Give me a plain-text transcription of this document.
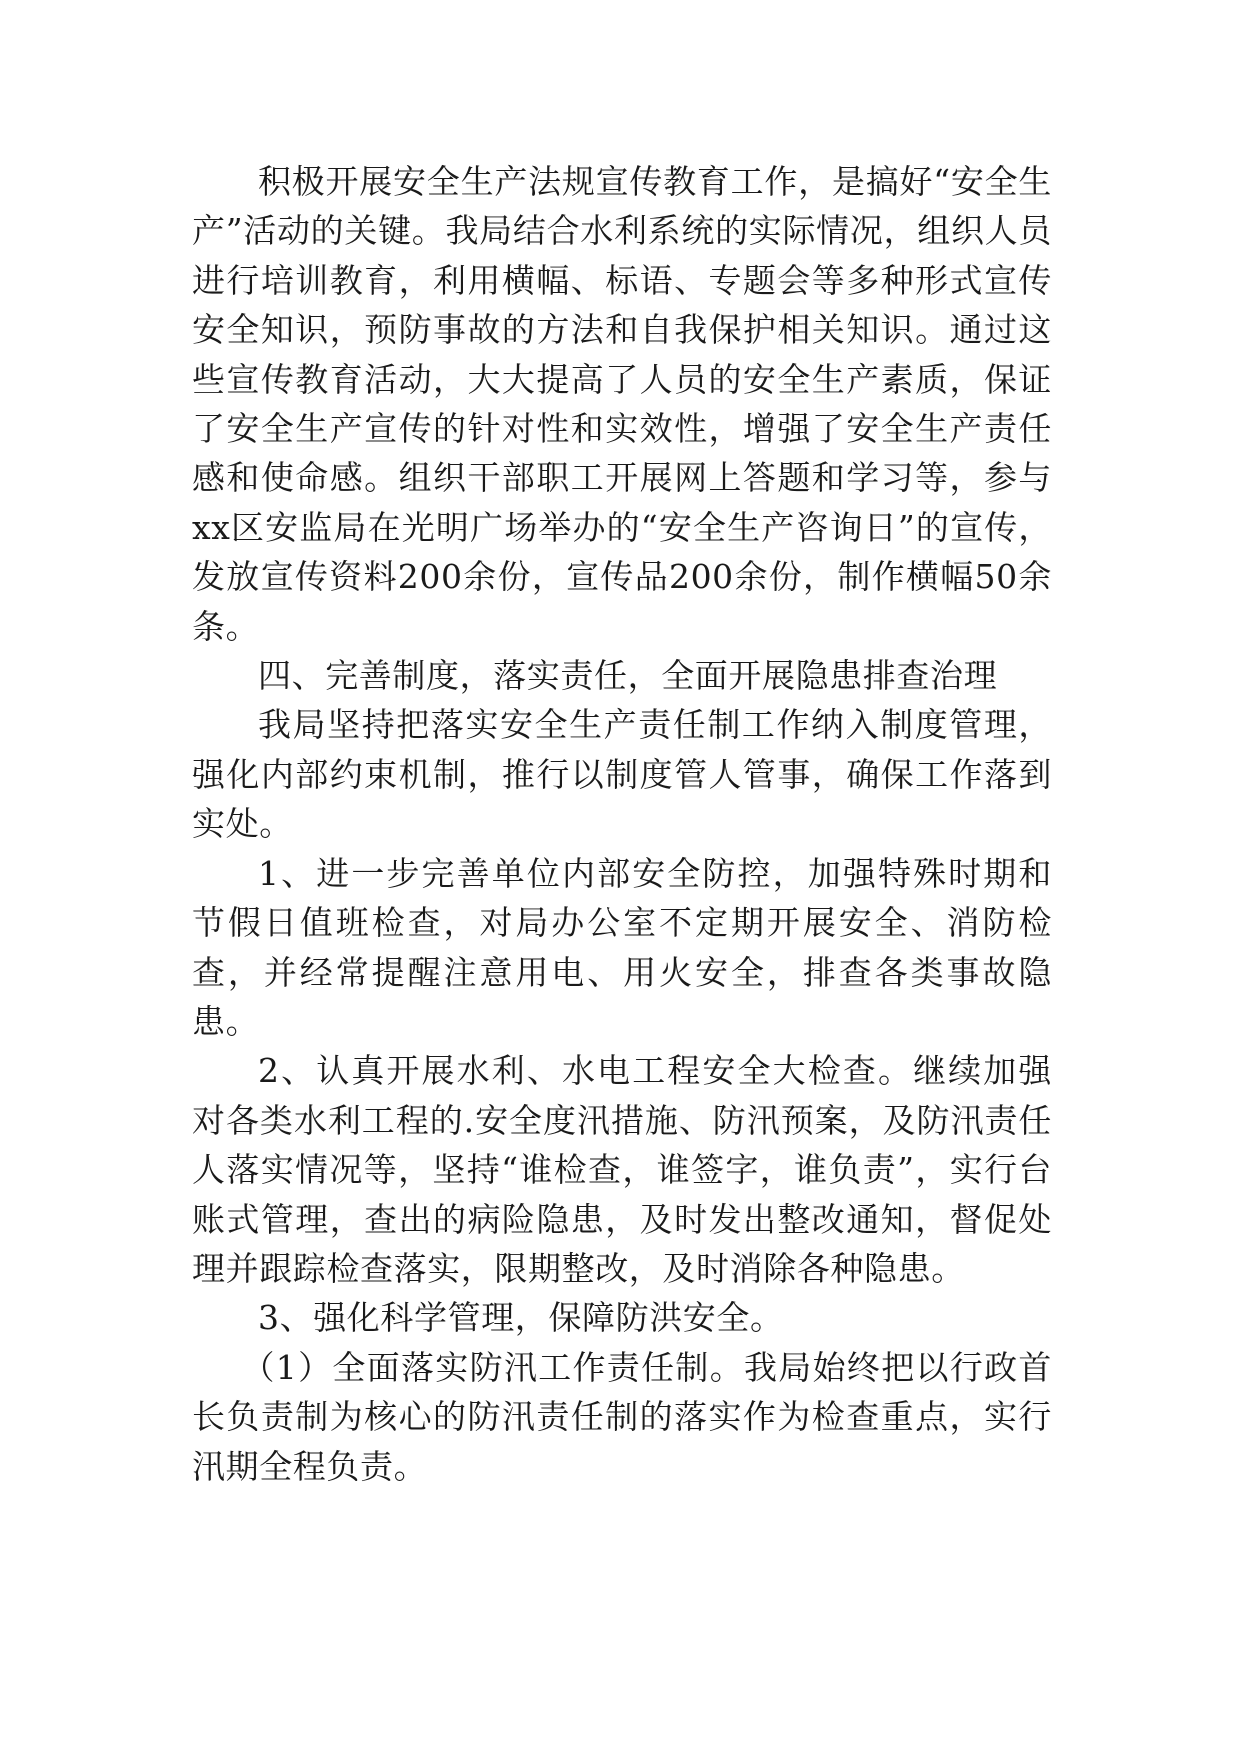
积极开展安全生产法规宣传教育工作，是搞好“安全生产”活动的关键。我局结合水利系统的实际情况，组织人员进行培训教育，利用横幅、标语、专题会等多种形式宣传安全知识，预防事故的方法和自我保护相关知识。通过这些宣传教育活动，大大提高了人员的安全生产素质，保证了安全生产宣传的针对性和实效性，增强了安全生产责任感和使命感。组织干部职工开展网上答题和学习等，参与xx区安监局在光明广场举办的“安全生产咨询日”的宣传，发放宣传资料200余份，宣传品200余份，制作横幅50余条。

四、完善制度，落实责任，全面开展隐患排查治理

我局坚持把落实安全生产责任制工作纳入制度管理，强化内部约束机制，推行以制度管人管事，确保工作落到实处。

1、进一步完善单位内部安全防控，加强特殊时期和节假日值班检查，对局办公室不定期开展安全、消防检查，并经常提醒注意用电、用火安全，排查各类事故隐患。

2、认真开展水利、水电工程安全大检查。继续加强对各类水利工程的.安全度汛措施、防汛预案，及防汛责任人落实情况等，坚持“谁检查，谁签字，谁负责”，实行台账式管理，查出的病险隐患，及时发出整改通知，督促处理并跟踪检查落实，限期整改，及时消除各种隐患。

3、强化科学管理，保障防洪安全。

（1）全面落实防汛工作责任制。我局始终把以行政首长负责制为核心的防汛责任制的落实作为检查重点，实行汛期全程负责。
